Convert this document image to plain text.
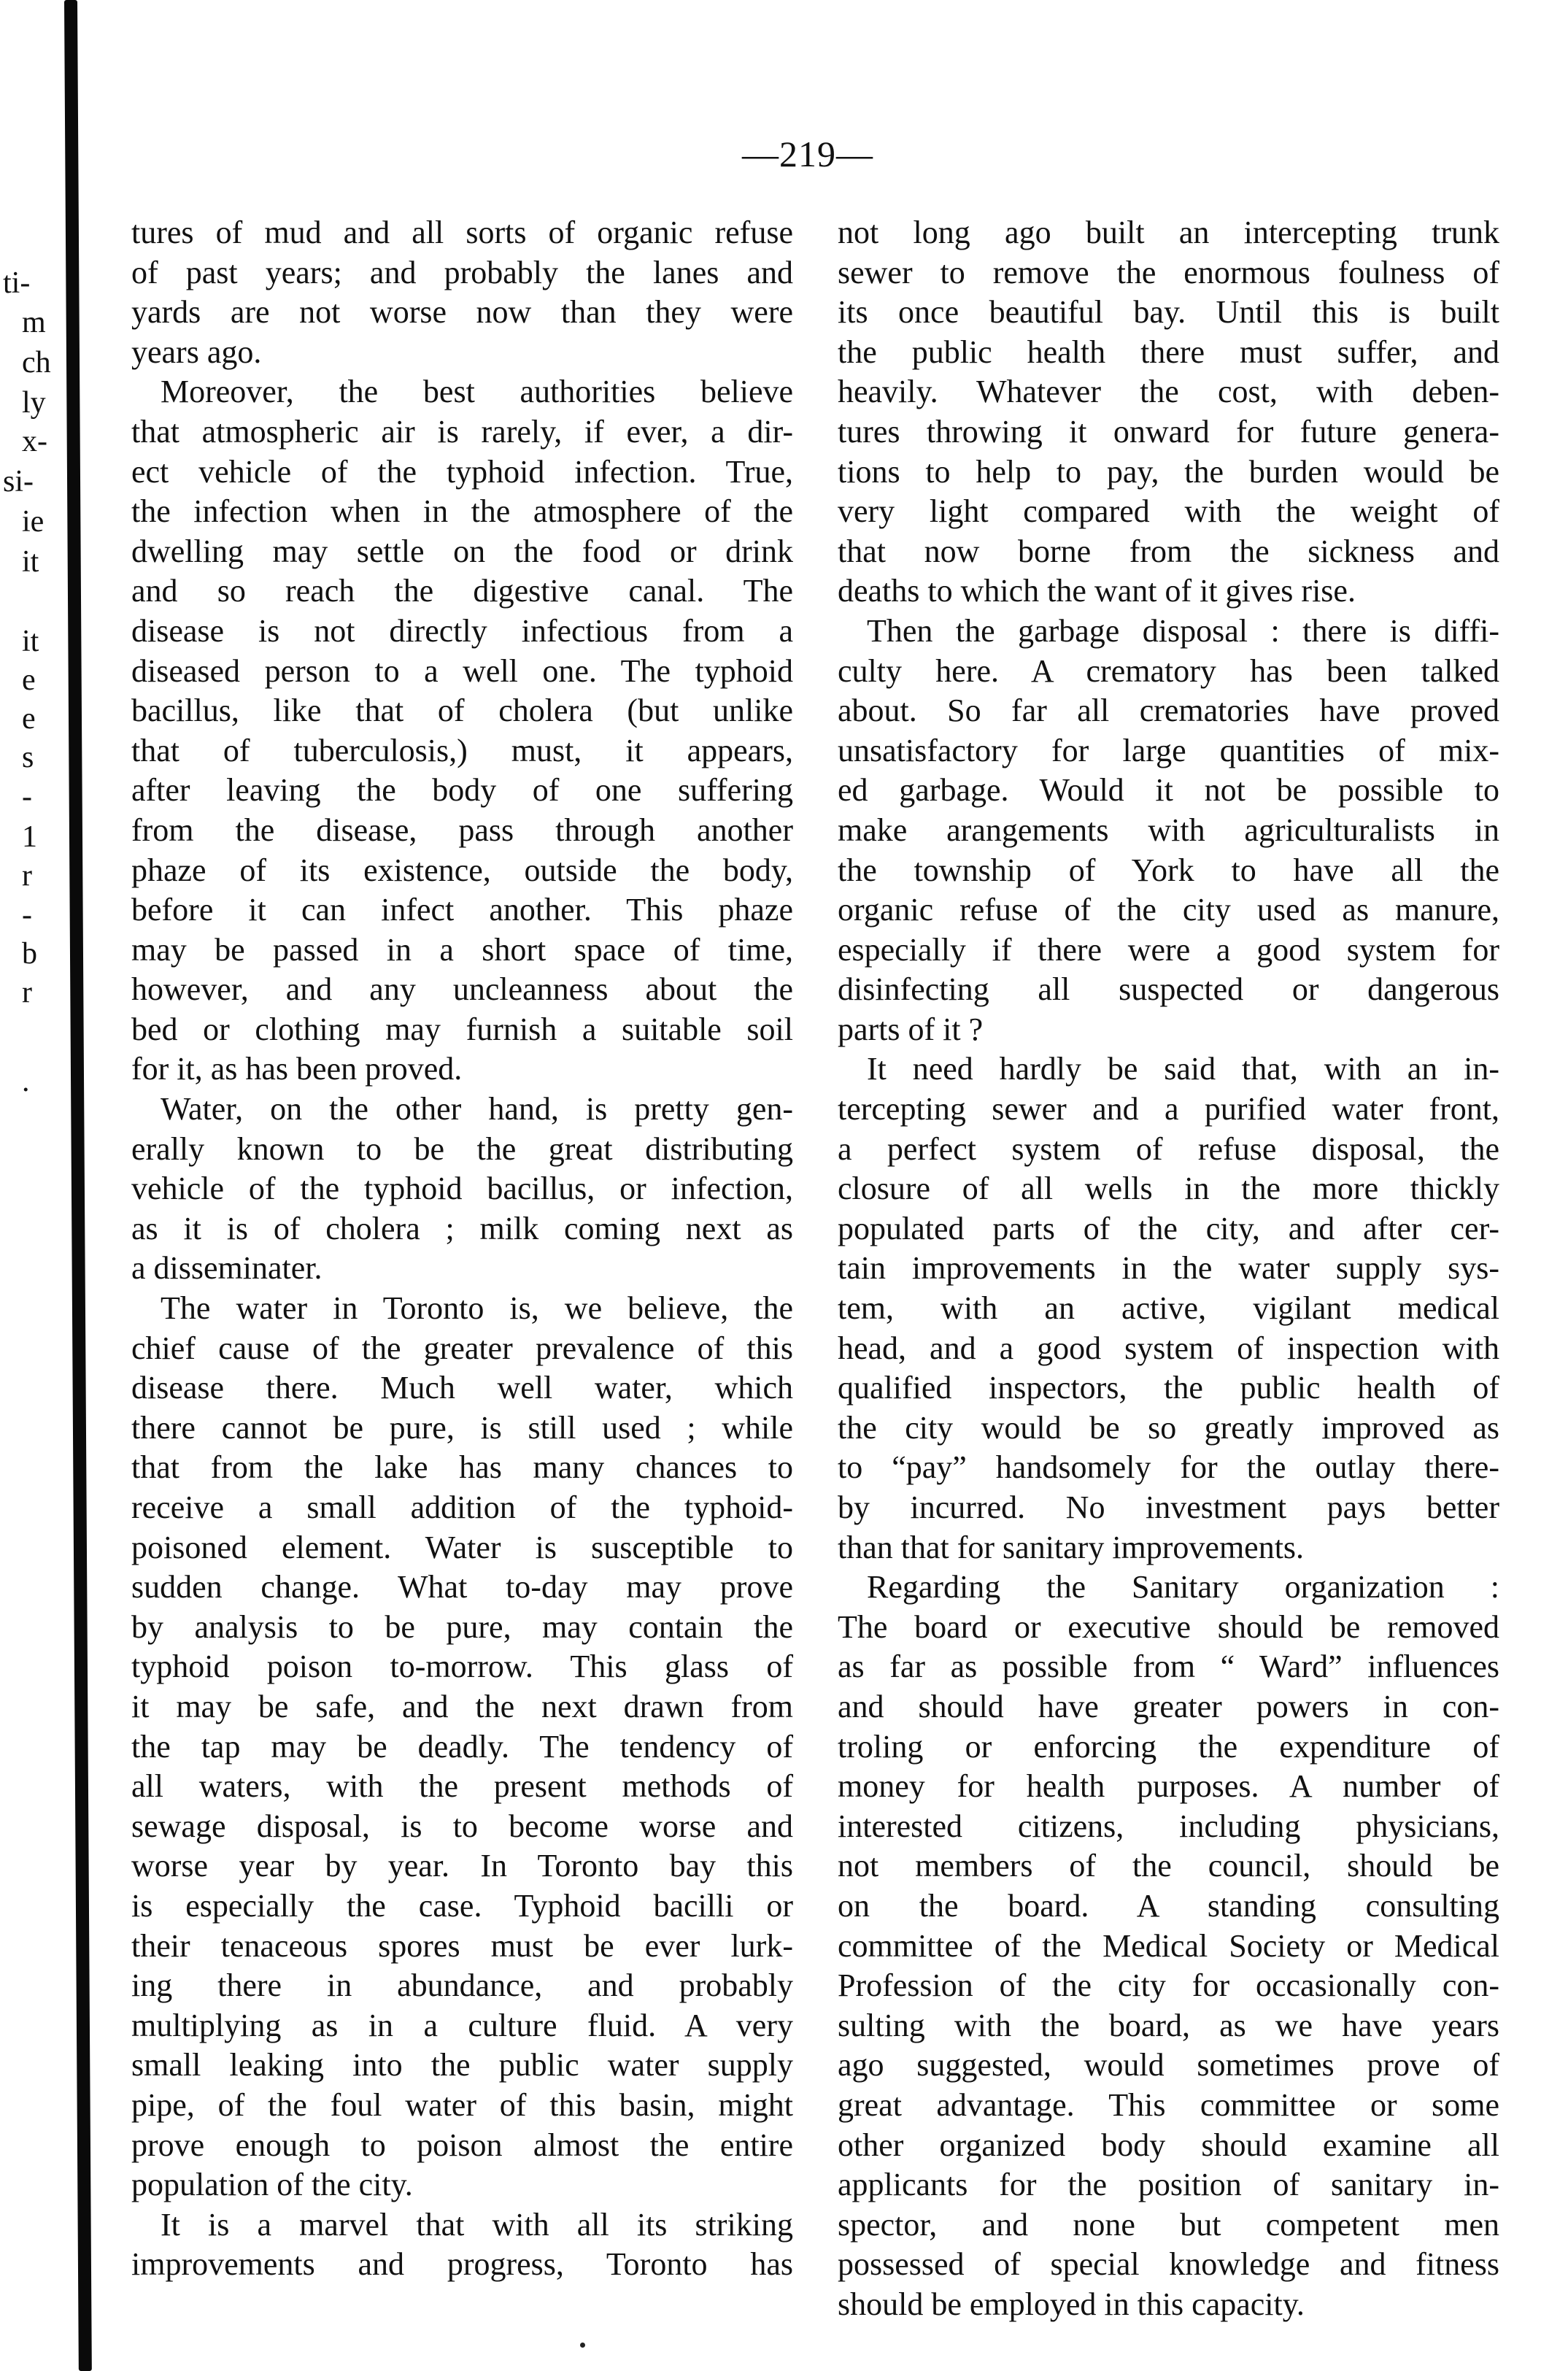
ti-
m
ch
ly
x-
si-
ie
it
it
e
e
s
-
1
r
-
b
r
.
—219—
tures of mud and all sorts of organic refuse
of past years; and probably the lanes and
yards are not worse now than they were
years ago.
Moreover, the best authorities believe
that atmospheric air is rarely, if ever, a dir-
ect vehicle of the typhoid infection. True,
the infection when in the atmosphere of the
dwelling may settle on the food or drink
and so reach the digestive canal. The
disease is not directly infectious from a
diseased person to a well one. The typhoid
bacillus, like that of cholera (but unlike
that of tuberculosis,) must, it appears,
after leaving the body of one suffering
from the disease, pass through another
phaze of its existence, outside the body,
before it can infect another. This phaze
may be passed in a short space of time,
however, and any uncleanness about the
bed or clothing may furnish a suitable soil
for it, as has been proved.
Water, on the other hand, is pretty gen-
erally known to be the great distributing
vehicle of the typhoid bacillus, or infection,
as it is of cholera ; milk coming next as
a disseminater.
The water in Toronto is, we believe, the
chief cause of the greater prevalence of this
disease there. Much well water, which
there cannot be pure, is still used ; while
that from the lake has many chances to
receive a small addition of the typhoid-
poisoned element. Water is susceptible to
sudden change. What to-day may prove
by analysis to be pure, may contain the
typhoid poison to-morrow. This glass of
it may be safe, and the next drawn from
the tap may be deadly. The tendency of
all waters, with the present methods of
sewage disposal, is to become worse and
worse year by year. In Toronto bay this
is especially the case. Typhoid bacilli or
their tenaceous spores must be ever lurk-
ing there in abundance, and probably
multiplying as in a culture fluid. A very
small leaking into the public water supply
pipe, of the foul water of this basin, might
prove enough to poison almost the entire
population of the city.
It is a marvel that with all its striking
improvements and progress, Toronto has
not long ago built an intercepting trunk
sewer to remove the enormous foulness of
its once beautiful bay. Until this is built
the public health there must suffer, and
heavily. Whatever the cost, with deben-
tures throwing it onward for future genera-
tions to help to pay, the burden would be
very light compared with the weight of
that now borne from the sickness and
deaths to which the want of it gives rise.
Then the garbage disposal : there is diffi-
culty here. A crematory has been talked
about. So far all crematories have proved
unsatisfactory for large quantities of mix-
ed garbage. Would it not be possible to
make arangements with agriculturalists in
the township of York to have all the
organic refuse of the city used as manure,
especially if there were a good system for
disinfecting all suspected or dangerous
parts of it ?
It need hardly be said that, with an in-
tercepting sewer and a purified water front,
a perfect system of refuse disposal, the
closure of all wells in the more thickly
populated parts of the city, and after cer-
tain improvements in the water supply sys-
tem, with an active, vigilant medical
head, and a good system of inspection with
qualified inspectors, the public health of
the city would be so greatly improved as
to “pay” handsomely for the outlay there-
by incurred. No investment pays better
than that for sanitary improvements.
Regarding the Sanitary organization :
The board or executive should be removed
as far as possible from “ Ward” influences
and should have greater powers in con-
troling or enforcing the expenditure of
money for health purposes. A number of
interested citizens, including physicians,
not members of the council, should be
on the board. A standing consulting
committee of the Medical Society or Medical
Profession of the city for occasionally con-
sulting with the board, as we have years
ago suggested, would sometimes prove of
great advantage. This committee or some
other organized body should examine all
applicants for the position of sanitary in-
spector, and none but competent men
possessed of special knowledge and fitness
should be employed in this capacity.
